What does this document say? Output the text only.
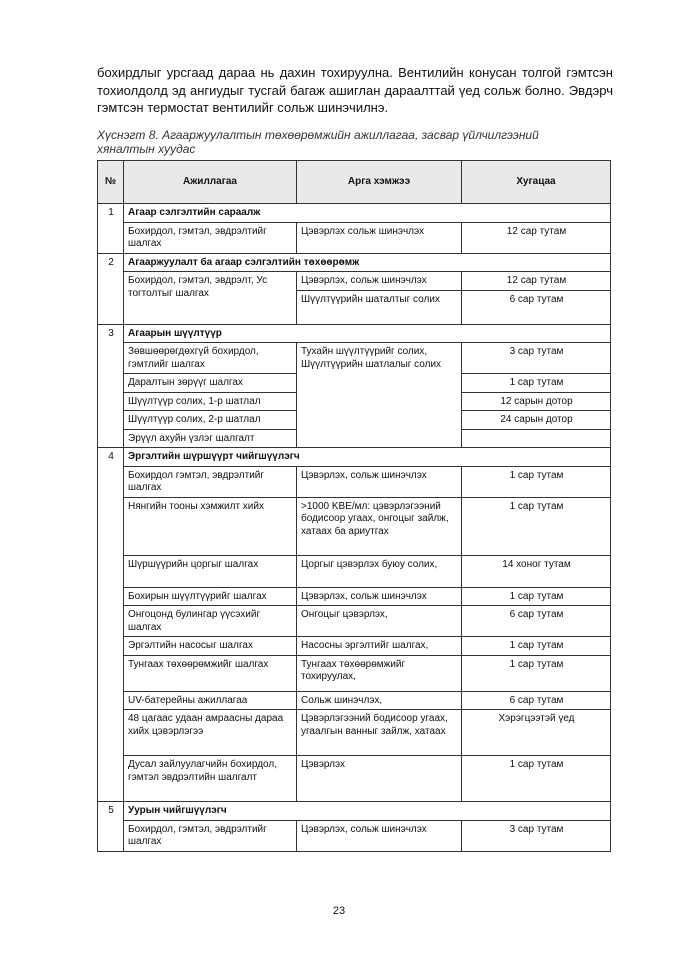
бохирдлыг урсгаад дараа нь дахин тохируулна. Вентилийн конусан толгой гэмтсэн тохиолдолд эд ангиудыг тусгай багаж ашиглан дараалттай үед сольж болно. Эвдэрч гэмтсэн термостат вентилийг сольж шинэчилнэ.

Хүснэгт 8. Агааржуулалтын төхөөрөмжийн ажиллагаа, засвар үйлчилгээний хяналтын хуудас

№	Ажиллагаа	Арга хэмжээ	Хугацаа
1	Агаар сэлгэлтийн сараалж		
	Бохирдол, гэмтэл, эвдрэлтийг шалгах	Цэвэрлэх сольж шинэчлэх	12 сар тутам
2	Агааржуулалт ба агаар сэлгэлтийн төхөөрөмж		
	Бохирдол, гэмтэл, эвдрэлт, Ус тогтолтыг шалгах	Цэвэрлэх, сольж шинэчлэх	12 сар тутам
		Шүүлтүүрийн шаталтыг солих	6 сар тутам
3	Агаарын шүүлтүүр		
	Зөвшөөрөгдөхгүй бохирдол, гэмтлийг шалгах	Тухайн шүүлтүүрийг солих, Шүүлтүүрийн шатлалыг солих	3 сар тутам
	Даралтын зөрүүг шалгах		1 сар тутам
	Шүүлтүүр солих, 1-р шатлал		12 сарын дотор
	Шүүлтүүр солих, 2-р шатлал		24 сарын дотор
	Эрүүл ахуйн үзлэг шалгалт		
4	Эргэлтийн шүршүүрт чийгшүүлэгч		
	Бохирдол гэмтэл, эвдрэлтийг шалгах	Цэвэрлэх, сольж шинэчлэх	1 сар тутам
	Нянгийн тооны хэмжилт хийх	>1000 KBE/мл: цэвэрлэгээний бодисоор угаах, онгоцыг зайлж, хатаах ба ариутгах	1 сар тутам
	Шүршүүрийн цоргыг шалгах	Цоргыг цэвэрлэх буюу солих,	14 хоног тутам
	Бохирын шүүлтүүрийг шалгах	Цэвэрлэх, сольж шинэчлэх	1 сар тутам
	Онгоцонд булингар үүсэхийг шалгах	Онгоцыг цэвэрлэх,	6 сар тутам
	Эргэлтийн насосыг шалгах	Насосны эргэлтийг шалгах,	1 сар тутам
	Тунгаах төхөөрөмжийг шалгах	Тунгаах төхөөрөмжийг тохируулах,	1 сар тутам
	UV-батерейны ажиллагаа	Сольж шинэчлэх,	6 сар тутам
	48 цагаас удаан амраасны дараа хийх цэвэрлэгээ	Цэвэрлэгээний бодисоор угаах, угаалгын ванныг зайлж, хатаах	Хэрэгцээтэй үед
	Дусал зайлуулагчийн бохирдол, гэмтэл эвдрэлтийн шалгалт	Цэвэрлэх	1 сар тутам
5	Уурын чийгшүүлэгч		
	Бохирдол, гэмтэл, эвдрэлтийг шалгах	Цэвэрлэх, сольж шинэчлэх	3 сар тутам
23
